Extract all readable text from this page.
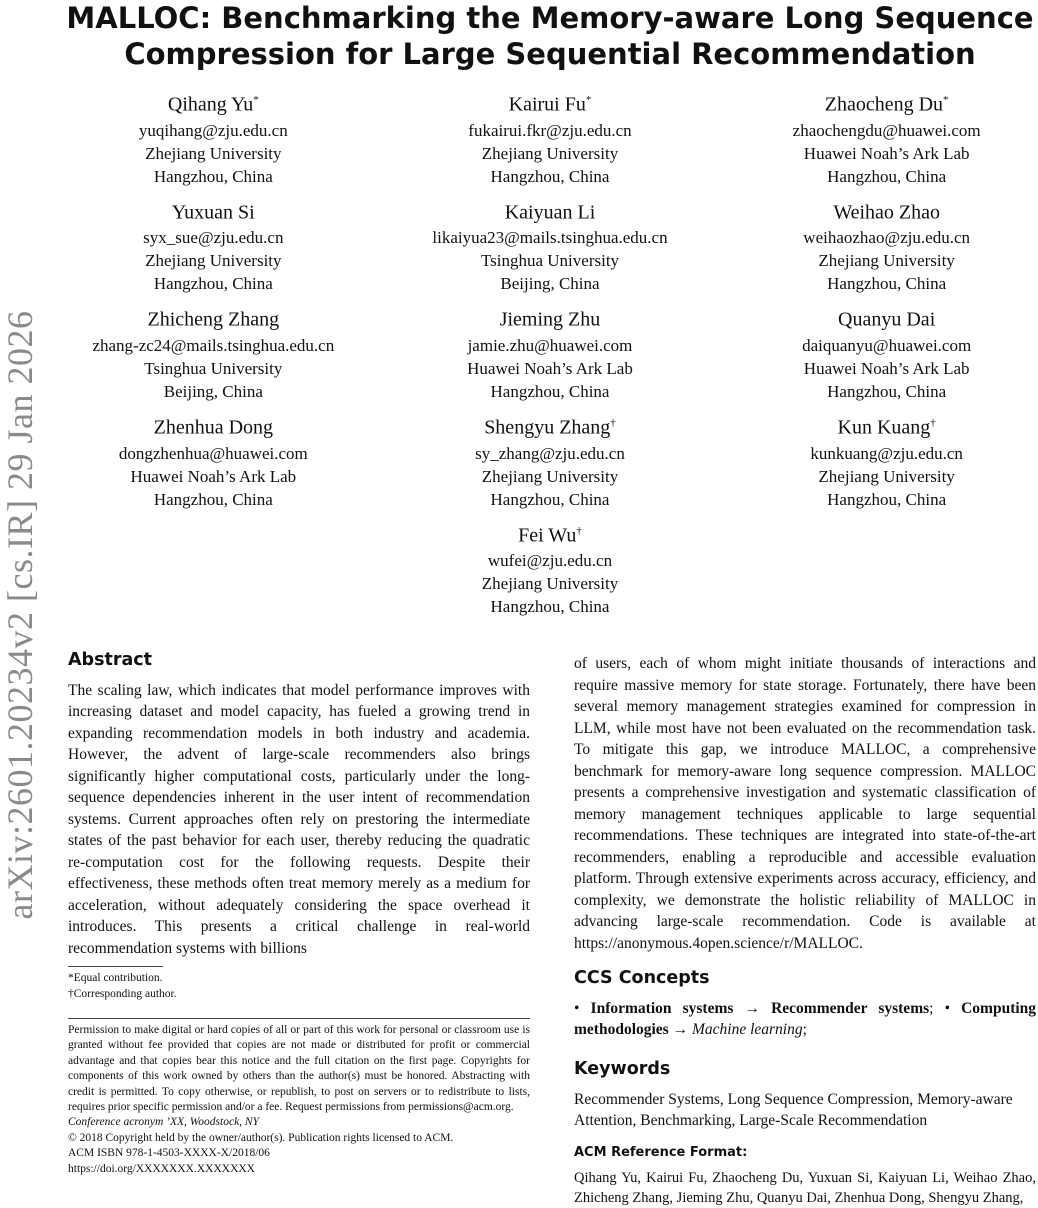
arXiv:2601.20234v2 [cs.IR] 29 Jan 2026
MALLOC: Benchmarking the Memory-aware Long Sequence Compression for Large Sequential Recommendation
Qihang Yu*
yuqihang@zju.edu.cn
Zhejiang University
Hangzhou, China
Kairui Fu*
fukairui.fkr@zju.edu.cn
Zhejiang University
Hangzhou, China
Zhaocheng Du*
zhaochengdu@huawei.com
Huawei Noah’s Ark Lab
Hangzhou, China
Yuxuan Si
syx_sue@zju.edu.cn
Zhejiang University
Hangzhou, China
Kaiyuan Li
likaiyua23@mails.tsinghua.edu.cn
Tsinghua University
Beijing, China
Weihao Zhao
weihaozhao@zju.edu.cn
Zhejiang University
Hangzhou, China
Zhicheng Zhang
zhang-zc24@mails.tsinghua.edu.cn
Tsinghua University
Beijing, China
Jieming Zhu
jamie.zhu@huawei.com
Huawei Noah’s Ark Lab
Hangzhou, China
Quanyu Dai
daiquanyu@huawei.com
Huawei Noah’s Ark Lab
Hangzhou, China
Zhenhua Dong
dongzhenhua@huawei.com
Huawei Noah’s Ark Lab
Hangzhou, China
Shengyu Zhang†
sy_zhang@zju.edu.cn
Zhejiang University
Hangzhou, China
Kun Kuang†
kunkuang@zju.edu.cn
Zhejiang University
Hangzhou, China
Fei Wu†
wufei@zju.edu.cn
Zhejiang University
Hangzhou, China
Abstract

The scaling law, which indicates that model performance improves with increasing dataset and model capacity, has fueled a growing trend in expanding recommendation models in both industry and academia. However, the advent of large-scale recommenders also brings significantly higher computational costs, particularly under the long-sequence dependencies inherent in the user intent of recommendation systems. Current approaches often rely on prestoring the intermediate states of the past behavior for each user, thereby reducing the quadratic re-computation cost for the following requests. Despite their effectiveness, these methods often treat memory merely as a medium for acceleration, without adequately considering the space overhead it introduces. This presents a critical challenge in real-world recommendation systems with billions

*Equal contribution.
†Corresponding author.

Permission to make digital or hard copies of all or part of this work for personal or classroom use is granted without fee provided that copies are not made or distributed for profit or commercial advantage and that copies bear this notice and the full citation on the first page. Copyrights for components of this work owned by others than the author(s) must be honored. Abstracting with credit is permitted. To copy otherwise, or republish, to post on servers or to redistribute to lists, requires prior specific permission and/or a fee. Request permissions from permissions@acm.org.

Conference acronym ’XX, Woodstock, NY
© 2018 Copyright held by the owner/author(s). Publication rights licensed to ACM.
ACM ISBN 978-1-4503-XXXX-X/2018/06
https://doi.org/XXXXXXX.XXXXXXX

of users, each of whom might initiate thousands of interactions and require massive memory for state storage. Fortunately, there have been several memory management strategies examined for compression in LLM, while most have not been evaluated on the recommendation task. To mitigate this gap, we introduce MALLOC, a comprehensive benchmark for memory-aware long sequence compression. MALLOC presents a comprehensive investigation and systematic classification of memory management techniques applicable to large sequential recommendations. These techniques are integrated into state-of-the-art recommenders, enabling a reproducible and accessible evaluation platform. Through extensive experiments across accuracy, efficiency, and complexity, we demonstrate the holistic reliability of MALLOC in advancing large-scale recommendation. Code is available at https://anonymous.4open.science/r/MALLOC.

CCS Concepts

• Information systems → Recommender systems; • Computing methodologies → Machine learning;

Keywords

Recommender Systems, Long Sequence Compression, Memory-aware Attention, Benchmarking, Large-Scale Recommendation

ACM Reference Format:
Qihang Yu, Kairui Fu, Zhaocheng Du, Yuxuan Si, Kaiyuan Li, Weihao Zhao, Zhicheng Zhang, Jieming Zhu, Quanyu Dai, Zhenhua Dong, Shengyu Zhang,
